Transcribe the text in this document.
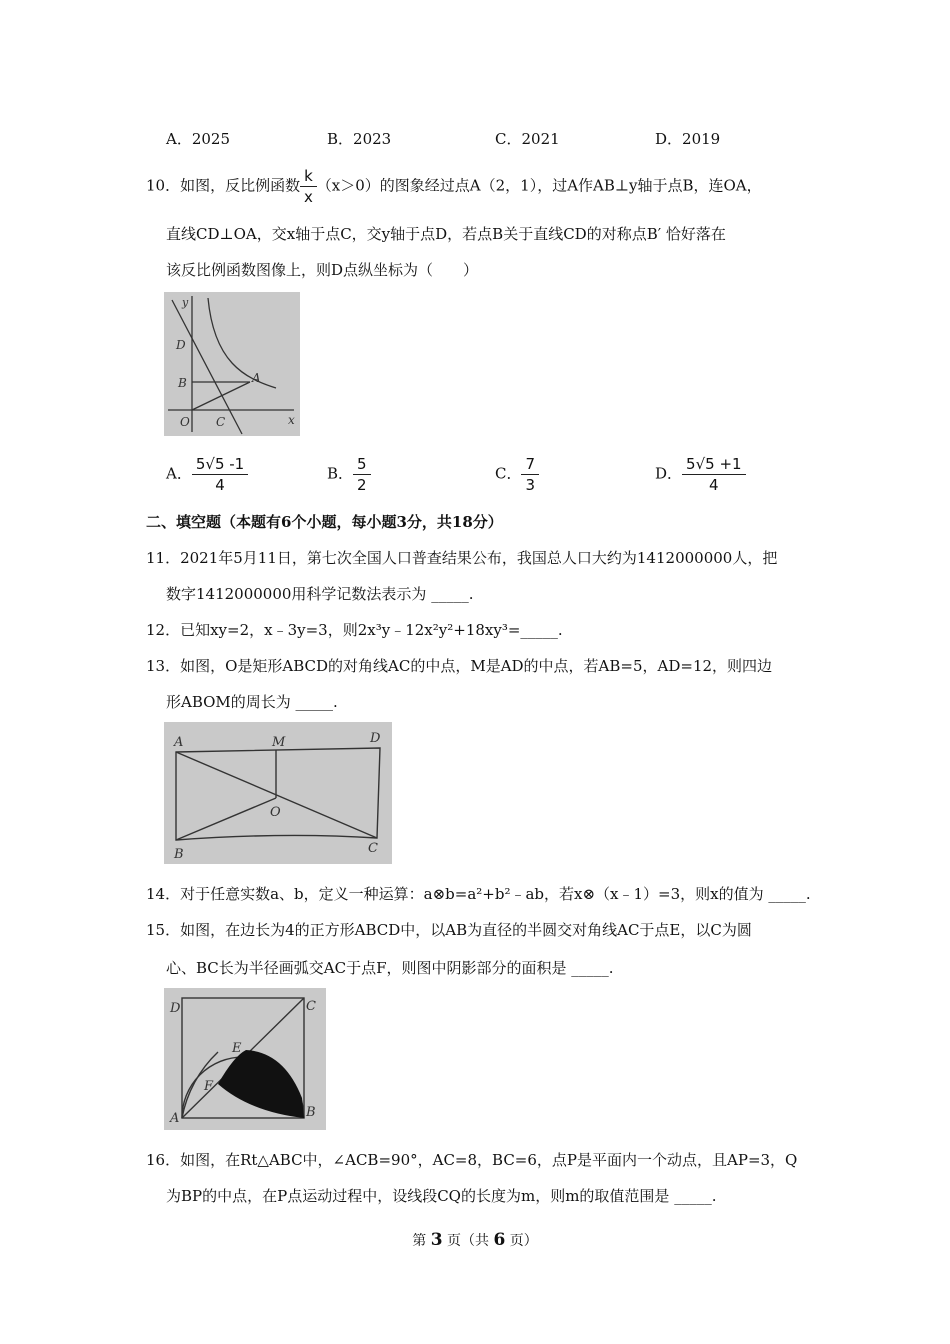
A．2025	B．2023	C．2021	D．2019
10．如图，反比例函数 $\frac{k}{x} (x>0)$的图象经过点A（2，1），过A作AB⊥y轴于点B，连OA，
直线CD⊥OA，交x轴于点C，交y轴于点D，若点B关于直线CD的对称点B′ 恰好落在
该反比例函数图像上，则D点纵坐标为（　　）
y
x
D
B	A
O C
A． $\frac{5√5 -1}{4}$	B． $\frac{5}{2}$	C． $\frac{7}{3}$	D． $\frac{5√5 +1}{4}$
二、填空题（本题有6个小题，每小题3分，共18分）
11．2021年5月11日，第七次全国人口普查结果公布，我国总人口大约为1412000000人，把
数字1412000000用科学记数法表示为 _____.
12．已知xy=2，x﹣3y=3，则2x³y﹣12x²y²+18xy³=_____.
13．如图，O是矩形ABCD的对角线AC的中点，M是AD的中点，若AB=5，AD=12，则四边
形ABOM的周长为 _____.
A	M	D
O
B	C
14．对于任意实数a、b，定义一种运算：a⊗b=a²+b²﹣ab，若x⊗（x﹣1）=3，则x的值为 _____.
15．如图，在边长为4的正方形ABCD中，以AB为直径的半圆交对角线AC于点E，以C为圆
心、BC长为半径画弧交AC于点F，则图中阴影部分的面积是 _____.
D	C
E
F
A	B
16．如图，在Rt△ABC中，∠ACB=90°，AC=8，BC=6，点P是平面内一个动点，且AP=3，Q
为BP的中点，在P点运动过程中，设线段CQ的长度为m，则m的取值范围是 _____.
第 3 页（共 6 页）
